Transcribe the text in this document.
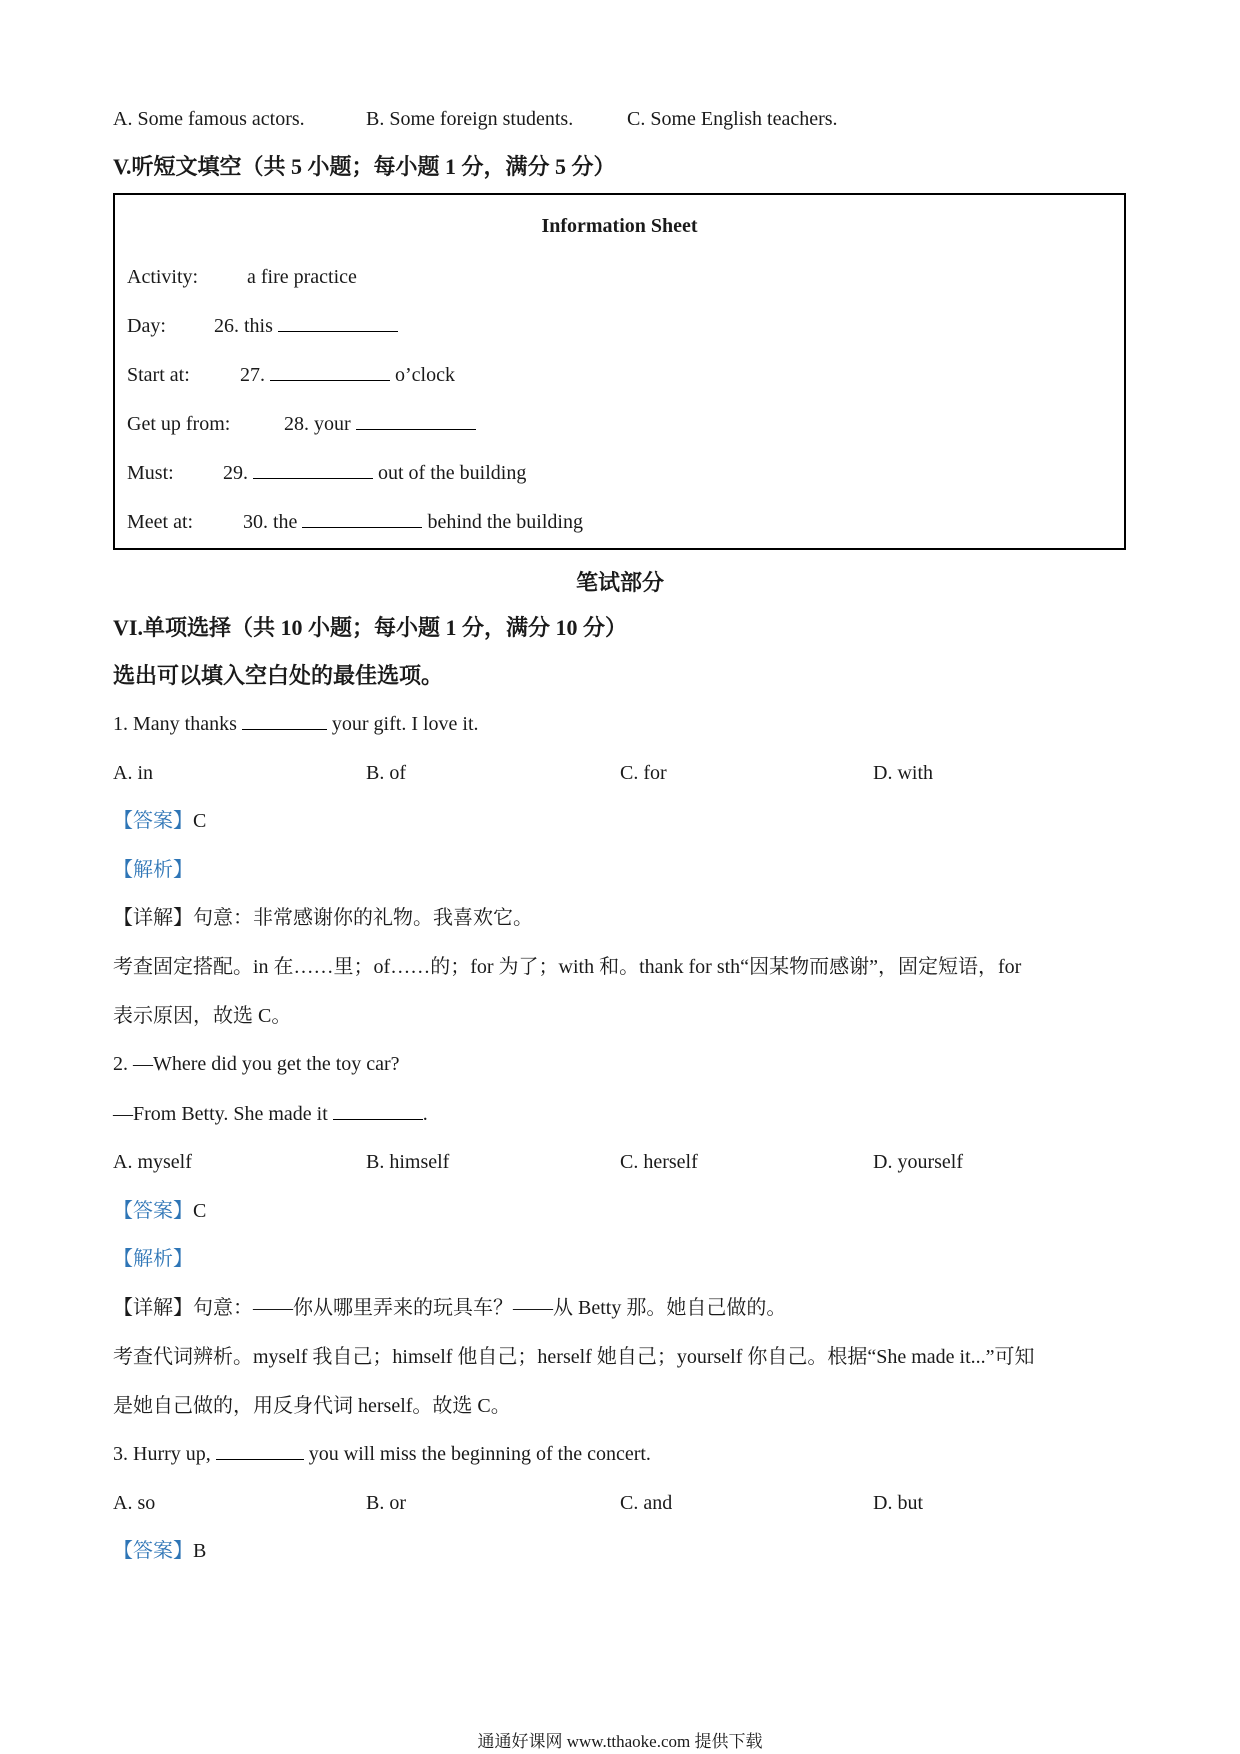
A. Some famous actors.	B. Some foreign students.	C. Some English teachers.
V.听短文填空（共 5 小题；每小题 1 分，满分 5 分）
Information Sheet
Activity: a fire practice
Day: 26. this
Start at:	27.	o’clock
Get up from:	28. your
Must: 29.	out of the building
Meet at: 30. the	behind the building
笔试部分
VI.单项选择（共 10 小题；每小题 1 分，满分 10 分）
选出可以填入空白处的最佳选项。
1. Many thanks	your gift. I love it.
A. in	B. of	C. for	D. with
【答案】C
【解析】
【详解】句意：非常感谢你的礼物。我喜欢它。
考查固定搭配。in 在……里；of……的；for 为了；with 和。thank for sth“因某物而感谢”，固定短语，for
表示原因，故选 C。
2. —Where did you get the toy car?
—From Betty. She made it	.
A. myself	B. himself	C. herself	D. yourself
【答案】C
【解析】
【详解】句意：——你从哪里弄来的玩具车？——从 Betty 那。她自己做的。
考查代词辨析。myself 我自己；himself 他自己；herself 她自己；yourself 你自己。根据“She made it...”可知
是她自己做的，用反身代词 herself。故选 C。
3. Hurry up,	you will miss the beginning of the concert.
A. so	B. or	C. and	D. but
【答案】B
通通好课网 www.tthaoke.com 提供下载
